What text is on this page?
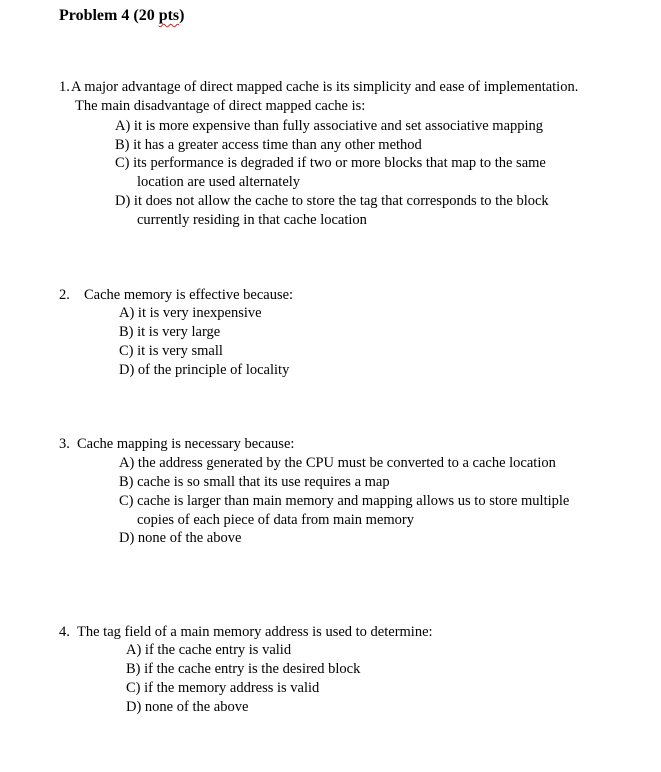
Problem 4 (20 pts)
1. A major advantage of direct mapped cache is its simplicity and ease of implementation.
The main disadvantage of direct mapped cache is:
A) it is more expensive than fully associative and set associative mapping
B) it has a greater access time than any other method
C) its performance is degraded if two or more blocks that map to the same
location are used alternately
D) it does not allow the cache to store the tag that corresponds to the block
currently residing in that cache location
2. Cache memory is effective because:
A) it is very inexpensive
B) it is very large
C) it is very small
D) of the principle of locality
3. Cache mapping is necessary because:
A) the address generated by the CPU must be converted to a cache location
B) cache is so small that its use requires a map
C) cache is larger than main memory and mapping allows us to store multiple
copies of each piece of data from main memory
D) none of the above
4. The tag field of a main memory address is used to determine:
A) if the cache entry is valid
B) if the cache entry is the desired block
C) if the memory address is valid
D) none of the above
